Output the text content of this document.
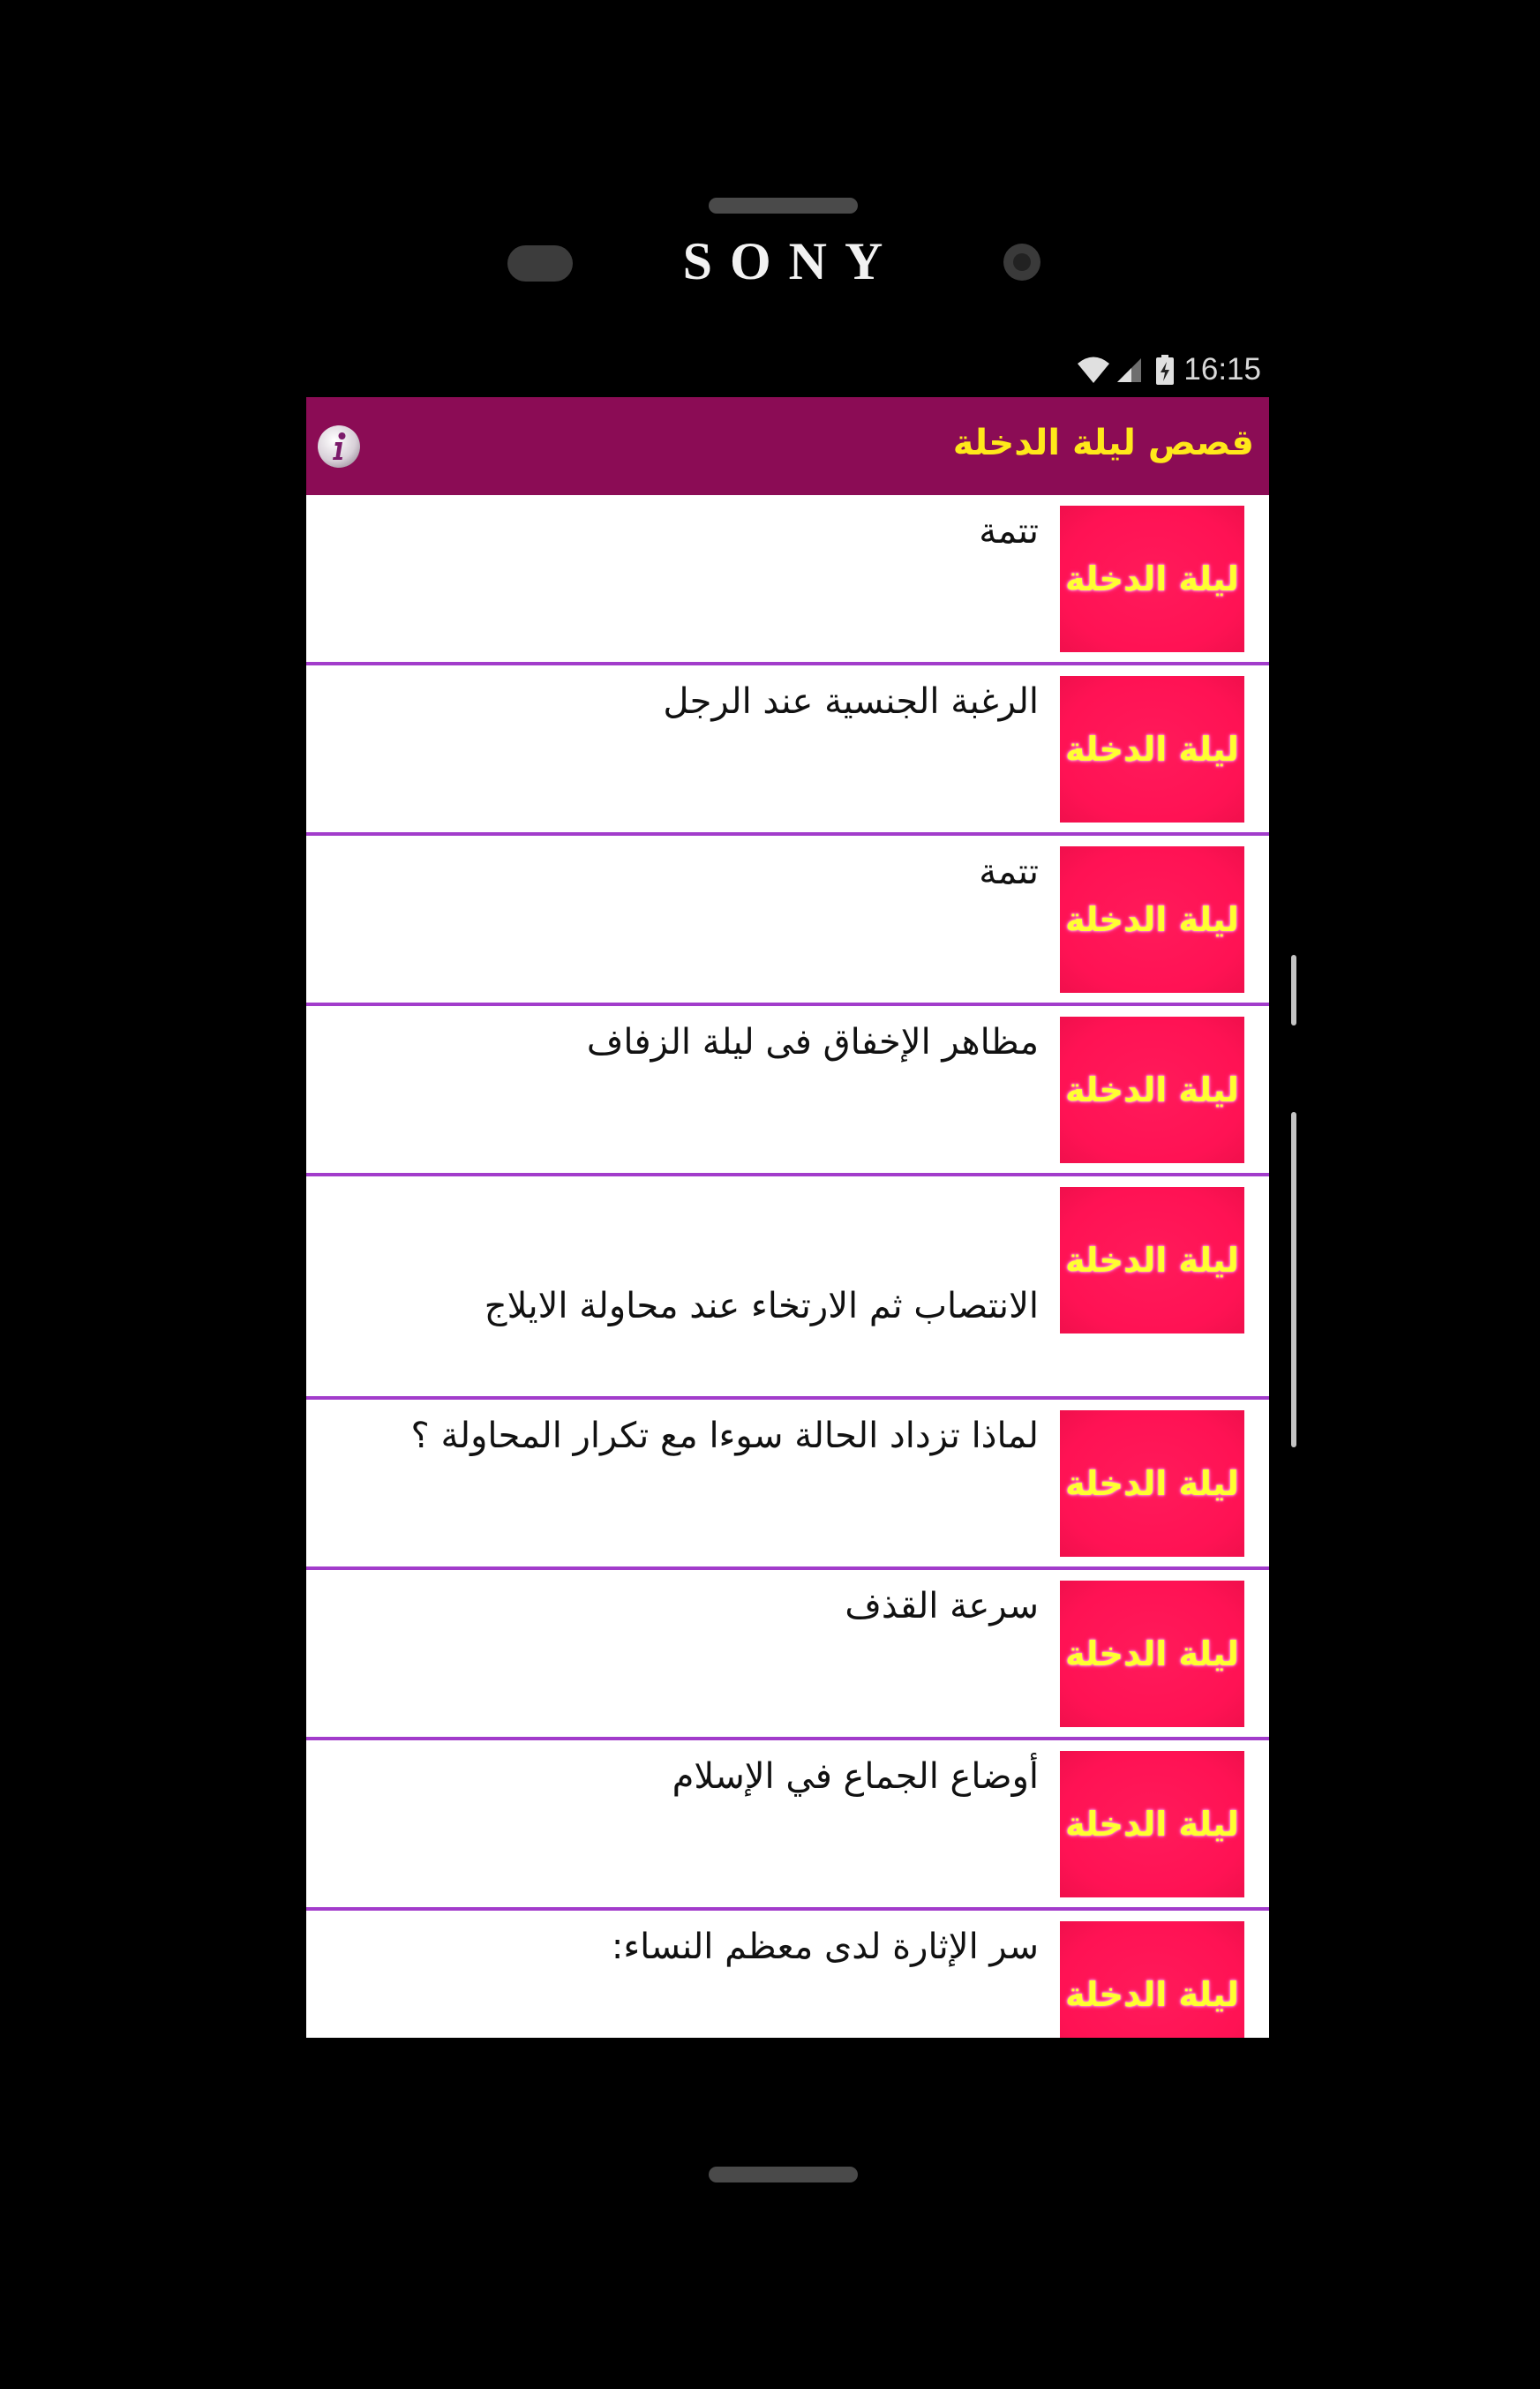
SONY
16:15
قصص ليلة الدخلة
ليلة الدخلة
تتمة
ليلة الدخلة
الرغبة الجنسية عند الرجل
ليلة الدخلة
تتمة
ليلة الدخلة
مظاهر الإخفاق فى ليلة الزفاف
ليلة الدخلة
الانتصاب ثم الارتخاء عند محاولة الايلاج
ليلة الدخلة
لماذا تزداد الحالة سوءا مع تكرار المحاولة ؟
ليلة الدخلة
سرعة القذف
ليلة الدخلة
أوضاع الجماع في الإسلام
ليلة الدخلة
سر الإثارة لدى معظم النساء:
